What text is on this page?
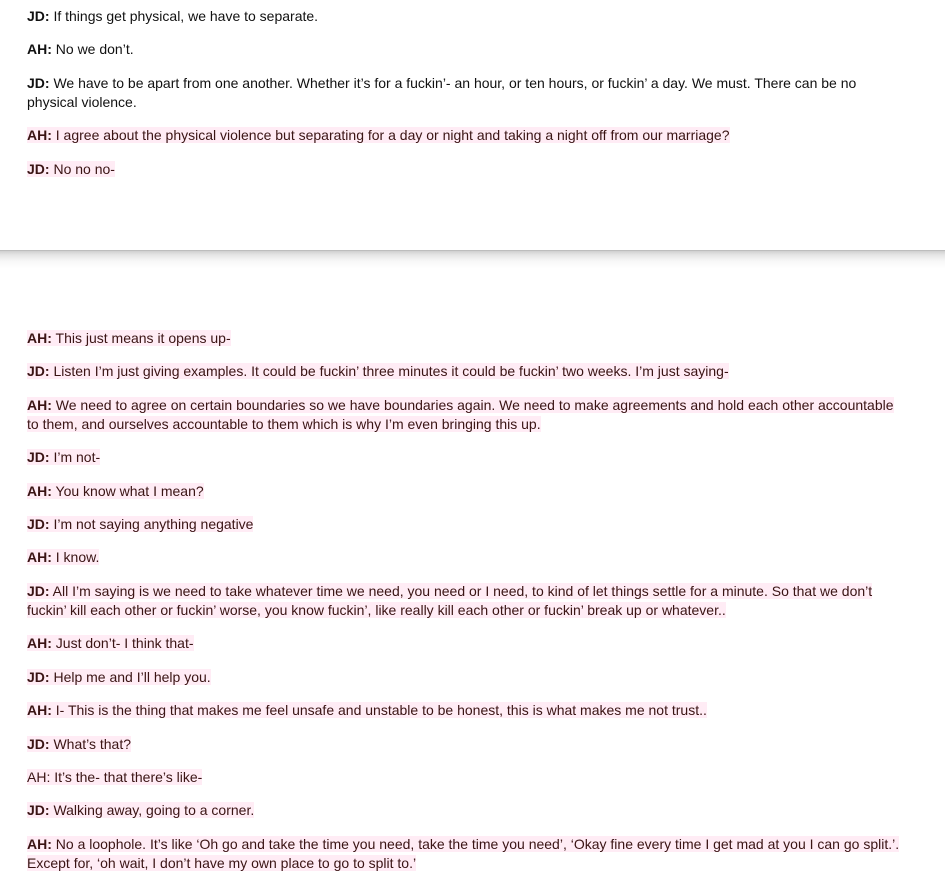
JD: If things get physical, we have to separate.
AH: No we don’t.
JD: We have to be apart from one another. Whether it’s for a fuckin’- an hour, or ten hours, or fuckin’ a day. We must. There can be no physical violence.
AH: I agree about the physical violence but separating for a day or night and taking a night off from our marriage?
JD: No no no-
AH: This just means it opens up-
JD: Listen I’m just giving examples. It could be fuckin’ three minutes it could be fuckin’ two weeks. I’m just saying-
AH: We need to agree on certain boundaries so we have boundaries again. We need to make agreements and hold each other accountable to them, and ourselves accountable to them which is why I’m even bringing this up.
JD: I’m not-
AH: You know what I mean?
JD: I’m not saying anything negative
AH: I know.
JD: All I’m saying is we need to take whatever time we need, you need or I need, to kind of let things settle for a minute. So that we don’t fuckin’ kill each other or fuckin’ worse, you know fuckin’, like really kill each other or fuckin’ break up or whatever..
AH: Just don’t- I think that-
JD: Help me and I’ll help you.
AH: I- This is the thing that makes me feel unsafe and unstable to be honest, this is what makes me not trust..
JD: What’s that?
AH: It’s the- that there’s like-
JD: Walking away, going to a corner.
AH: No a loophole. It’s like ‘Oh go and take the time you need, take the time you need’, ‘Okay fine every time I get mad at you I can go split.’. Except for, ‘oh wait, I don’t have my own place to go to split to.’
